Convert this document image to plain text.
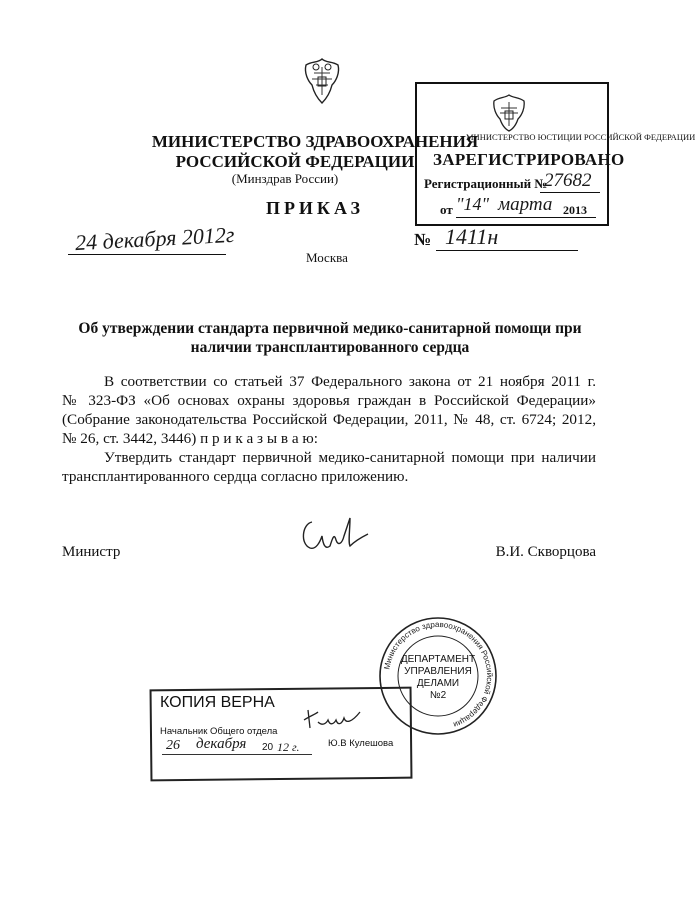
МИНИСТЕРСТВО ЗДРАВООХРАНЕНИЯ
РОССИЙСКОЙ ФЕДЕРАЦИИ
(Минздрав России)
ПРИКАЗ
24 декабря 2012г	№ 1411н
Москва
МИНИСТЕРСТВО ЮСТИЦИИ РОССИЙСКОЙ ФЕДЕРАЦИИ
ЗАРЕГИСТРИРОВАНО
Регистрационный №
27682
от "14" марта 2013
Об утверждении стандарта первичной медико-санитарной помощи при
наличии трансплантированного сердца
В соответствии со статьей 37 Федерального закона от 21 ноября 2011 г.
№ 323-ФЗ «Об основах охраны здоровья граждан в Российской Федерации»
(Собрание законодательства Российской Федерации, 2011, № 48, ст. 6724; 2012,
№ 26, ст. 3442, 3446) п р и к а з ы в а ю:
Утвердить стандарт первичной медико-санитарной помощи при наличии
трансплантированного сердца согласно приложению.
Министр	В.И. Скворцова
Министерство здравоохранения Российской Федерации
ДЕПАРТАМЕНТ
УПРАВЛЕНИЯ
ДЕЛАМИ
№2
КОПИЯ ВЕРНА
Начальник Общего отдела
Ю.В Кулешова
26 декабря 20 12 г.
